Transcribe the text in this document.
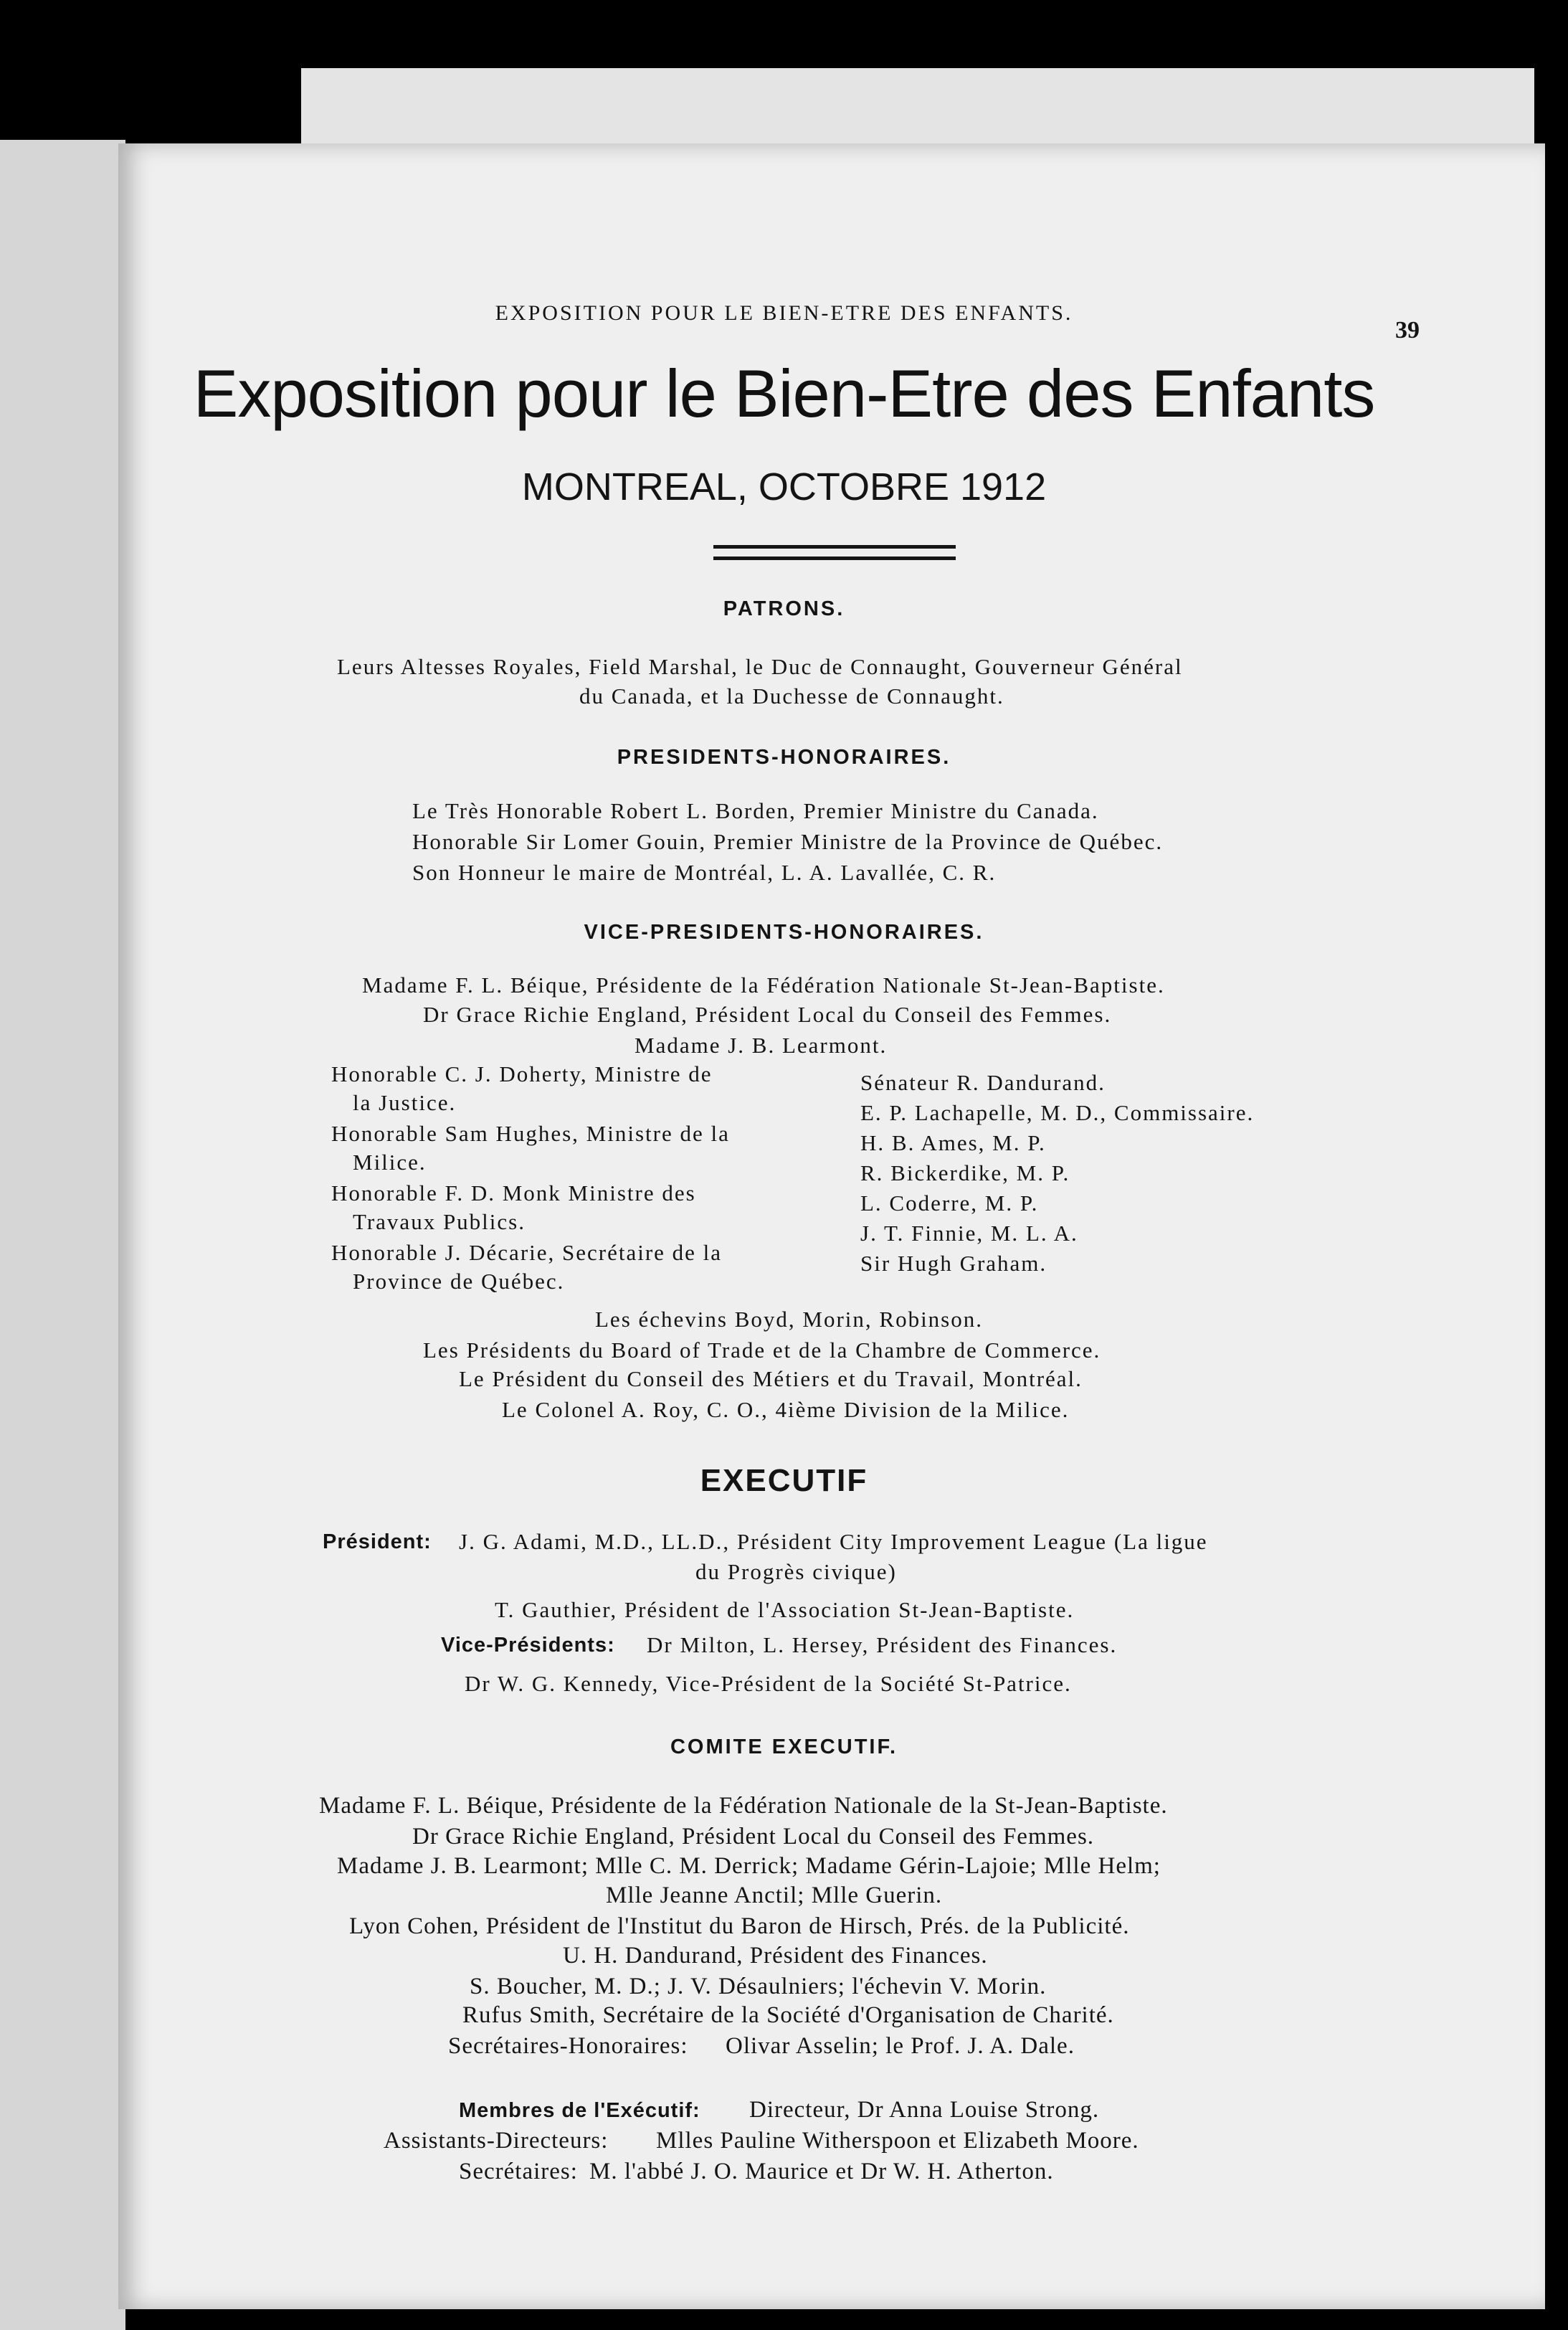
EXPOSITION POUR LE BIEN-ETRE DES ENFANTS.
39
Exposition pour le Bien-Etre des Enfants
MONTREAL, OCTOBRE 1912
PATRONS.
Leurs Altesses Royales, Field Marshal, le Duc de Connaught, Gouverneur Général
du Canada, et la Duchesse de Connaught.
PRESIDENTS-HONORAIRES.
Le Très Honorable Robert L. Borden, Premier Ministre du Canada.
Honorable Sir Lomer Gouin, Premier Ministre de la Province de Québec.
Son Honneur le maire de Montréal, L. A. Lavallée, C. R.
VICE-PRESIDENTS-HONORAIRES.
Madame F. L. Béique, Présidente de la Fédération Nationale St-Jean-Baptiste.
Dr Grace Richie England, Président Local du Conseil des Femmes.
Madame J. B. Learmont.
Honorable C. J. Doherty, Ministre de
la Justice.
Honorable Sam Hughes, Ministre de la
Milice.
Honorable F. D. Monk Ministre des
Travaux Publics.
Honorable J. Décarie, Secrétaire de la
Province de Québec.
Sénateur R. Dandurand.
E. P. Lachapelle, M. D., Commissaire.
H. B. Ames, M. P.
R. Bickerdike, M. P.
L. Coderre, M. P.
J. T. Finnie, M. L. A.
Sir Hugh Graham.
Les échevins Boyd, Morin, Robinson.
Les Présidents du Board of Trade et de la Chambre de Commerce.
Le Président du Conseil des Métiers et du Travail, Montréal.
Le Colonel A. Roy, C. O., 4ième Division de la Milice.
EXECUTIF
Président: J. G. Adami, M.D., LL.D., Président City Improvement League (La ligue
du Progrès civique)
T. Gauthier, Président de l'Association St-Jean-Baptiste.
Vice-Présidents: Dr Milton, L. Hersey, Président des Finances.
Dr W. G. Kennedy, Vice-Président de la Société St-Patrice.
COMITE EXECUTIF.
Madame F. L. Béique, Présidente de la Fédération Nationale de la St-Jean-Baptiste.
Dr Grace Richie England, Président Local du Conseil des Femmes.
Madame J. B. Learmont; Mlle C. M. Derrick; Madame Gérin-Lajoie; Mlle Helm;
Mlle Jeanne Anctil; Mlle Guerin.
Lyon Cohen, Président de l'Institut du Baron de Hirsch, Prés. de la Publicité.
U. H. Dandurand, Président des Finances.
S. Boucher, M. D.; J. V. Désaulniers; l'échevin V. Morin.
Rufus Smith, Secrétaire de la Société d'Organisation de Charité.
Secrétaires-Honoraires: Olivar Asselin; le Prof. J. A. Dale.
Membres de l'Exécutif: Directeur, Dr Anna Louise Strong.
Assistants-Directeurs: Mlles Pauline Witherspoon et Elizabeth Moore.
Secrétaires: M. l'abbé J. O. Maurice et Dr W. H. Atherton.
